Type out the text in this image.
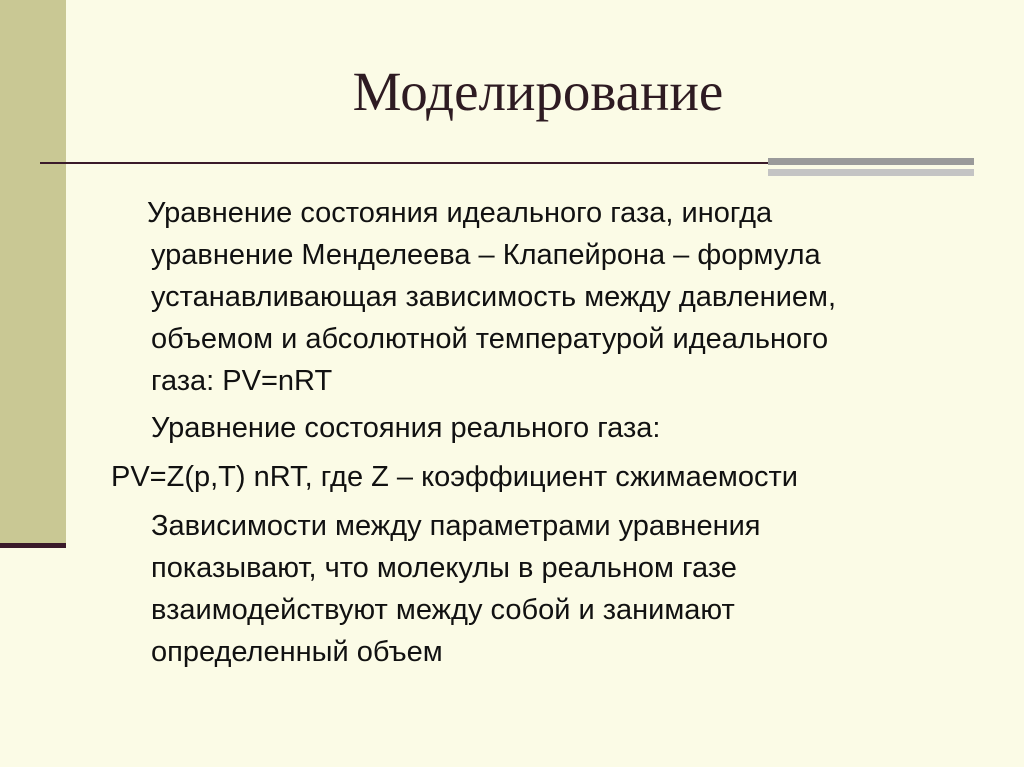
Моделирование
Уравнение состояния идеального газа, иногда
уравнение Менделеева – Клапейрона – формула
устанавливающая зависимость между давлением,
объемом и абсолютной температурой идеального
газа: PV=nRT
Уравнение состояния реального газа:
PV=Z(p,T) nRT, где Z – коэффициент сжимаемости
Зависимости между параметрами уравнения
показывают, что молекулы в реальном газе
взаимодействуют между собой и занимают
определенный объем
